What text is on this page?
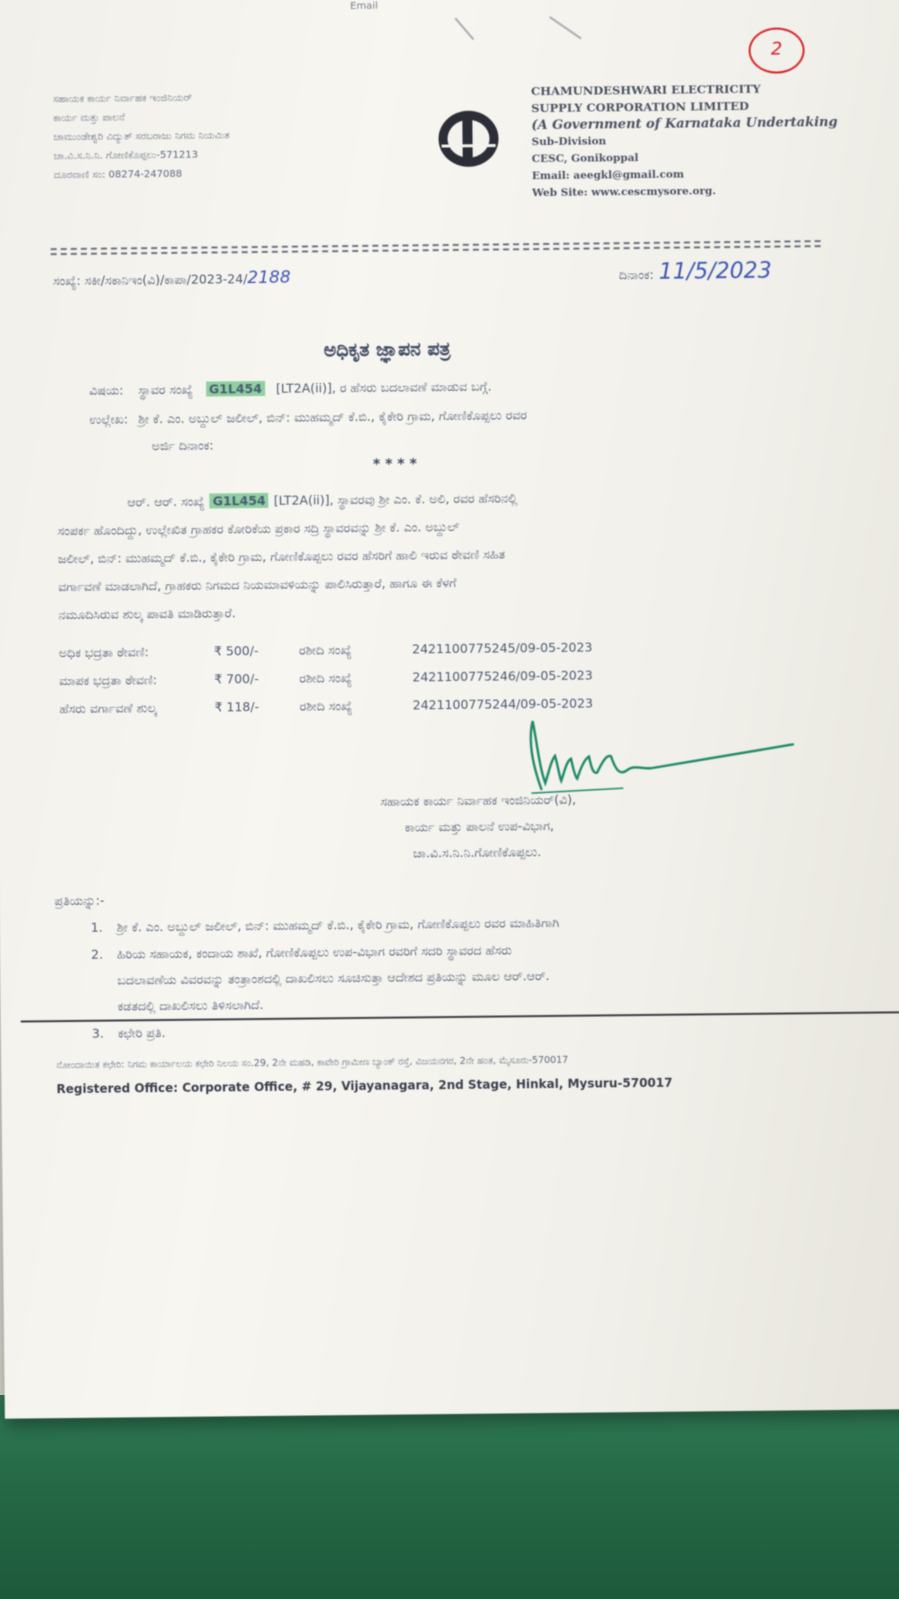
Email
ಸಹಾಯಕ ಕಾರ್ಯ ನಿರ್ವಾಹಕ ಇಂಜಿನಿಯರ್
ಕಾರ್ಯ ಮತ್ತು ಪಾಲನೆ
ಚಾಮುಂಡೇಶ್ವರಿ ವಿದ್ಯುತ್ ಸರಬರಾಜು ನಿಗಮ ನಿಯಮಿತ
ಚಾ.ವಿ.ಸ.ನಿ.ನಿ. ಗೋಣಿಕೊಪ್ಪಲು-571213
ದೂರವಾಣಿ ಸಂ: 08274-247088
CHAMUNDESHWARI ELECTRICITY
SUPPLY CORPORATION LIMITED
(A Government of Karnataka Undertaking
Sub-Division
CESC, Gonikoppal
Email: aeegkl@gmail.com
Web Site: www.cescmysore.org.
2
ಸಂಖ್ಯೆ: ಸಕೀ/ಸಕಾನಿಇಂ(ವಿ)/ಕಾಪಾ/2023-24/2188	ದಿನಾಂಕ: 11/5/2023
ಅಧಿಕೃತ ಜ್ಞಾಪನ ಪತ್ರ
ವಿಷಯ: ಸ್ಥಾವರ ಸಂಖ್ಯೆ G1L454 [LT2A(ii)], ರ ಹೆಸರು ಬದಲಾವಣೆ ಮಾಡುವ ಬಗ್ಗೆ.
ಉಲ್ಲೇಖ: ಶ್ರೀ ಕೆ. ಎಂ. ಅಬ್ದುಲ್ ಜಲೀಲ್, ಬಿನ್: ಮುಹಮ್ಮದ್ ಕೆ.ಬಿ., ಕೈಕೇರಿ ಗ್ರಾಮ, ಗೋಣಿಕೊಪ್ಪಲು ರವರ
ಅರ್ಜಿ ದಿನಾಂಕ:
* * * *
ಆರ್. ಆರ್. ಸಂಖ್ಯೆ G1L454 [LT2A(ii)], ಸ್ಥಾವರವು ಶ್ರೀ ಎಂ. ಕೆ. ಅಲಿ, ರವರ ಹೆಸರಿನಲ್ಲಿ
ಸಂಪರ್ಕ ಹೊಂದಿದ್ದು, ಉಲ್ಲೇಖಿತ ಗ್ರಾಹಕರ ಕೋರಿಕೆಯ ಪ್ರಕಾರ ಸದ್ರಿ ಸ್ಥಾವರವನ್ನು ಶ್ರೀ ಕೆ. ಎಂ. ಅಬ್ದುಲ್
ಜಲೀಲ್, ಬಿನ್: ಮುಹಮ್ಮದ್ ಕೆ.ಬಿ., ಕೈಕೇರಿ ಗ್ರಾಮ, ಗೋಣಿಕೊಪ್ಪಲು ರವರ ಹೆಸರಿಗೆ ಹಾಲಿ ಇರುವ ಠೇವಣಿ ಸಹಿತ
ವರ್ಗಾವಣೆ ಮಾಡಲಾಗಿದೆ, ಗ್ರಾಹಕರು ನಿಗಮದ ನಿಯಮಾವಳಿಯನ್ನು ಪಾಲಿಸಿರುತ್ತಾರೆ, ಹಾಗೂ ಈ ಕೆಳಗೆ
ನಮೂದಿಸಿರುವ ಶುಲ್ಕ ಪಾವತಿ ಮಾಡಿರುತ್ತಾರೆ.
ಅಧಿಕ ಭದ್ರತಾ ಠೇವಣಿ:	₹ 500/-	ರಶೀದಿ ಸಂಖ್ಯೆ	2421100775245/09-05-2023
ಮಾಪಕ ಭದ್ರತಾ ಠೇವಣಿ:	₹ 700/-	ರಶೀದಿ ಸಂಖ್ಯೆ	2421100775246/09-05-2023
ಹೆಸರು ವರ್ಗಾವಣೆ ಶುಲ್ಕ	₹ 118/-	ರಶೀದಿ ಸಂಖ್ಯೆ	2421100775244/09-05-2023
ಸಹಾಯಕ ಕಾರ್ಯ ನಿರ್ವಾಹಕ ಇಂಜಿನಿಯರ್(ವಿ),
ಕಾರ್ಯ ಮತ್ತು ಪಾಲನೆ ಉಪ-ವಿಭಾಗ,
ಚಾ.ವಿ.ಸ.ನಿ.ನಿ.ಗೋಣಿಕೊಪ್ಪಲು.
ಪ್ರತಿಯನ್ನು:-
1. ಶ್ರೀ ಕೆ. ಎಂ. ಅಬ್ದುಲ್ ಜಲೀಲ್, ಬಿನ್: ಮುಹಮ್ಮದ್ ಕೆ.ಬಿ., ಕೈಕೇರಿ ಗ್ರಾಮ, ಗೋಣಿಕೊಪ್ಪಲು ರವರ ಮಾಹಿತಿಗಾಗಿ
2. ಹಿರಿಯ ಸಹಾಯಕ, ಕಂದಾಯ ಶಾಖೆ, ಗೋಣಿಕೊಪ್ಪಲು ಉಪ-ವಿಭಾಗ ರವರಿಗೆ ಸದರಿ ಸ್ಥಾವರದ ಹೆಸರು
ಬದಲಾವಣೆಯ ವಿವರವನ್ನು ತಂತ್ರಾಂಶದಲ್ಲಿ ದಾಖಲಿಸಲು ಸೂಚಿಸುತ್ತಾ ಆದೇಶದ ಪ್ರತಿಯನ್ನು ಮೂಲ ಆರ್.ಆರ್.
ಕಡತದಲ್ಲಿ ದಾಖಲಿಸಲು ತಿಳಿಸಲಾಗಿದೆ.
3. ಕಛೇರಿ ಪ್ರತಿ.
ನೋಂದಾಯಿತ ಕಛೇರಿ: ನಿಗಮ ಕಾರ್ಯಾಲಯ ಕಛೇರಿ ನಿಲಯ ಸಂ.29, 2ನೇ ಮಹಡಿ, ಕಾವೇರಿ ಗ್ರಾಮೀಣ ಬ್ಯಾಂಕ್ ರಸ್ತೆ, ವಿಜಯನಗರ, 2ನೇ ಹಂತ, ಮೈಸೂರು-570017
Registered Office: Corporate Office, # 29, Vijayanagara, 2nd Stage, Hinkal, Mysuru-570017
